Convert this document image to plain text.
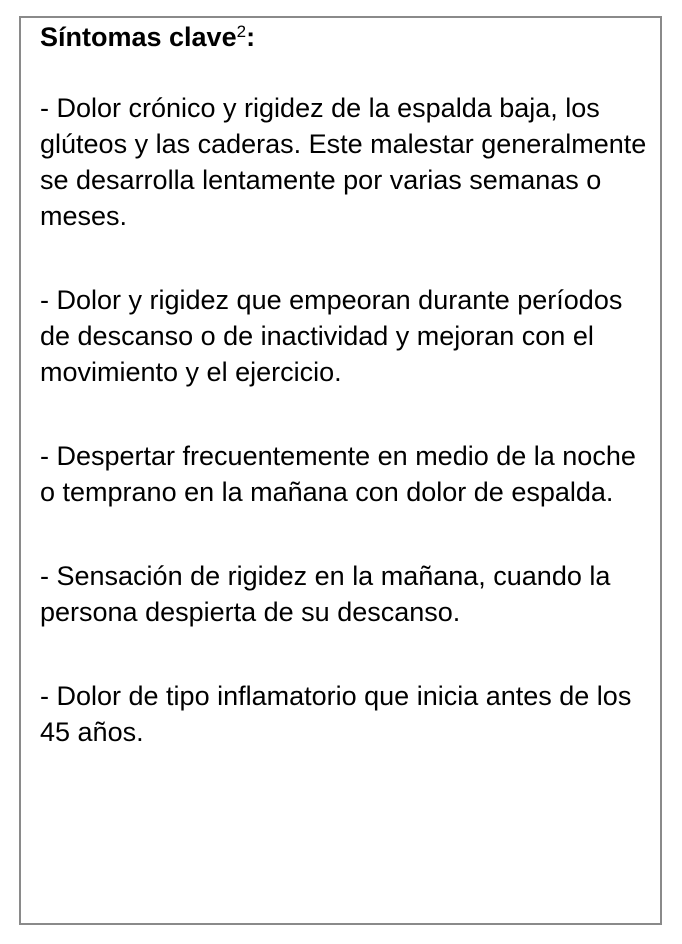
Síntomas clave$^2$:

- Dolor crónico y rigidez de la espalda baja, los glúteos y las caderas. Este malestar generalmente se desarrolla lentamente por varias semanas o meses.

- Dolor y rigidez que empeoran durante períodos de descanso o de inactividad y mejoran con el movimiento y el ejercicio.

- Despertar frecuentemente en medio de la noche o temprano en la mañana con dolor de espalda.

- Sensación de rigidez en la mañana, cuando la persona despierta de su descanso.

- Dolor de tipo inflamatorio que inicia antes de los 45 años.
